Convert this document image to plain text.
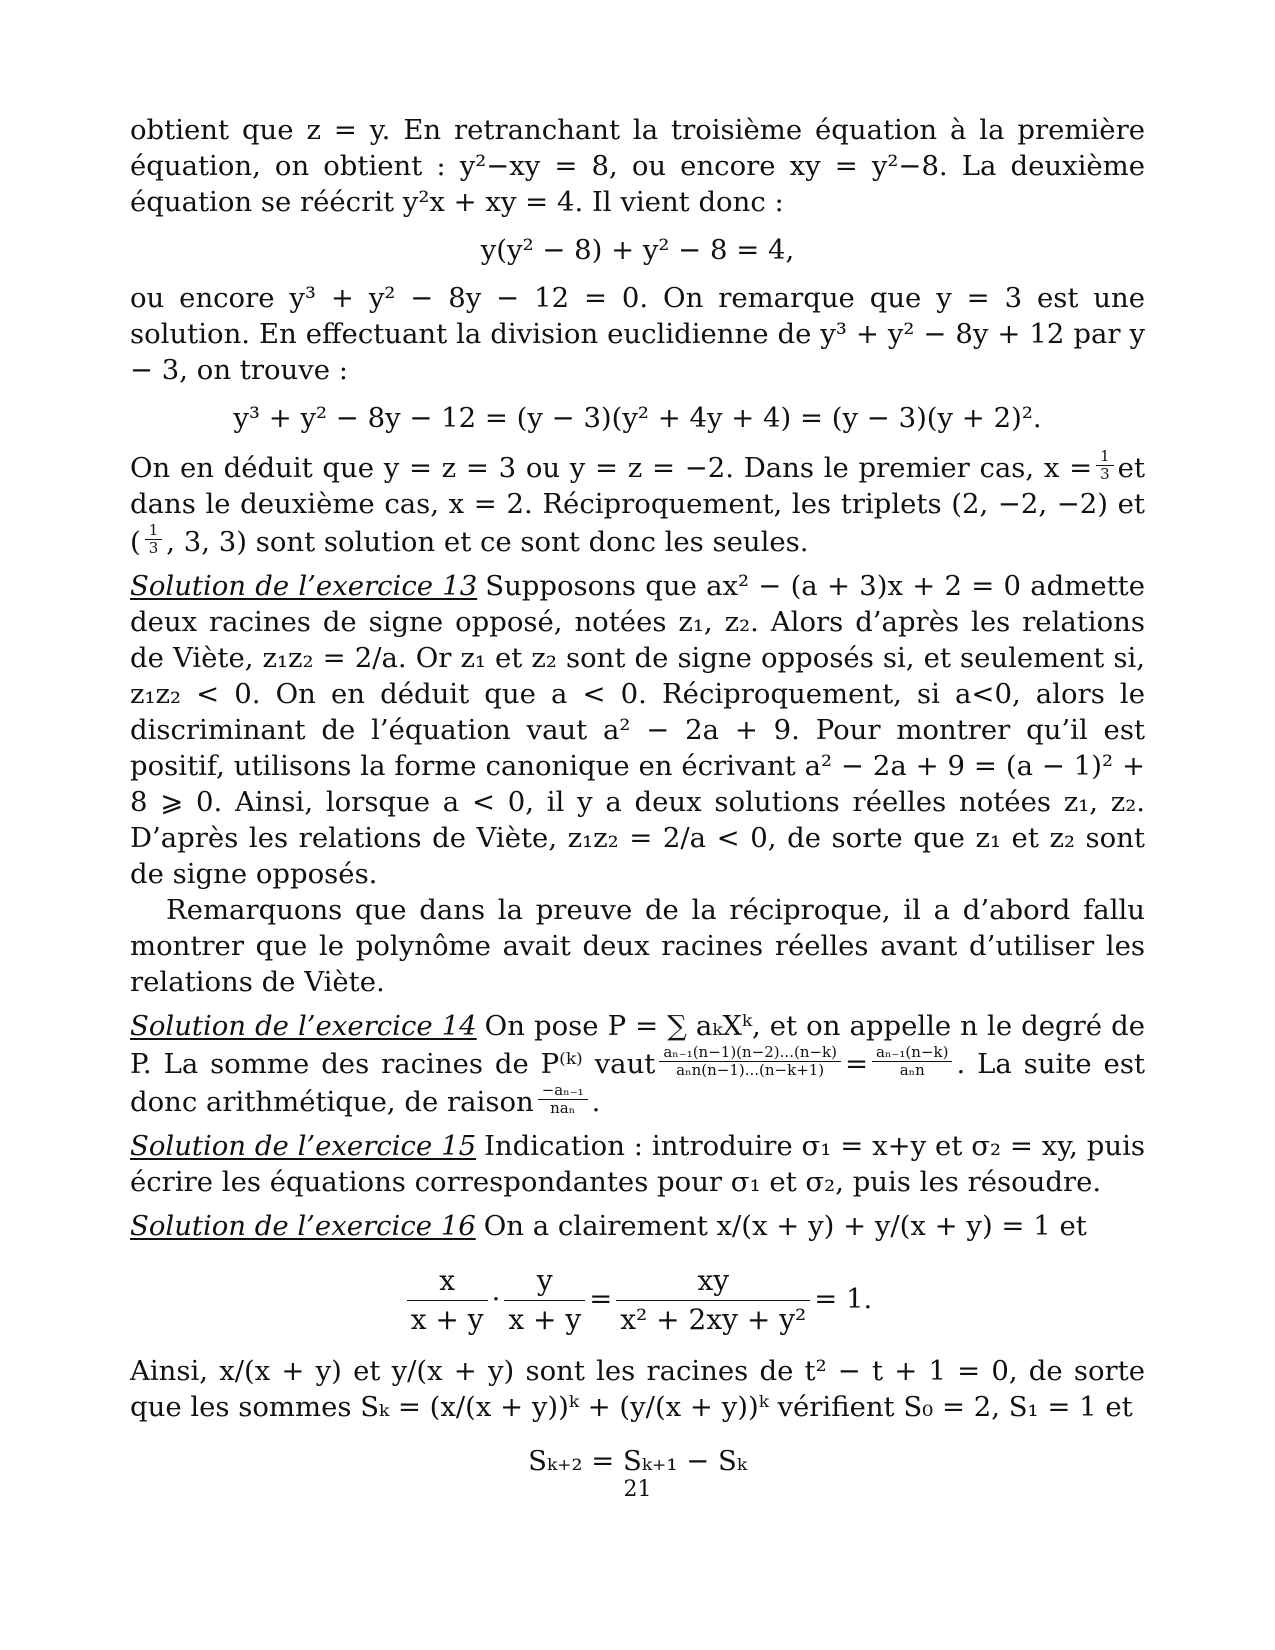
obtient que z = y. En retranchant la troisième équation à la première équation, on obtient : y²−xy = 8, ou encore xy = y²−8. La deuxième équation se réécrit y²x + xy = 4. Il vient donc :

y(y² − 8) + y² − 8 = 4,

ou encore y³ + y² − 8y − 12 = 0. On remarque que y = 3 est une solution. En effectuant la division euclidienne de y³ + y² − 8y + 12 par y − 3, on trouve :

y³ + y² − 8y − 12 = (y − 3)(y² + 4y + 4) = (y − 3)(y + 2)².

On en déduit que y = z = 3 ou y = z = −2. Dans le premier cas, $x = \frac{1}{3}$ et dans le deuxième cas, x = 2. Réciproquement, les triplets (2, −2, −2) et ( $\frac{1}{3}$ , 3, 3) sont solution et ce sont donc les seules.

Solution de l’exercice 13 Supposons que ax² − (a + 3)x + 2 = 0 admette deux racines de signe opposé, notées z₁, z₂. Alors d’après les relations de Viète, z₁z₂ = 2/a. Or z₁ et z₂ sont de signe opposés si, et seulement si, z₁z₂ < 0. On en déduit que a < 0. Réciproquement, si a<0, alors le discriminant de l’équation vaut a² − 2a + 9. Pour montrer qu’il est positif, utilisons la forme canonique en écrivant a² − 2a + 9 = (a − 1)² + 8 ⩾ 0. Ainsi, lorsque a < 0, il y a deux solutions réelles notées z₁, z₂. D’après les relations de Viète, z₁z₂ = 2/a < 0, de sorte que z₁ et z₂ sont de signe opposés.

Remarquons que dans la preuve de la réciproque, il a d’abord fallu montrer que le polynôme avait deux racines réelles avant d’utiliser les relations de Viète.

Solution de l’exercice 14 On pose P = ∑ aₖXᵏ, et on appelle n le degré de P. La somme des racines de P⁽ᵏ⁾ vaut $\frac{\text{aₙ₋₁(n−1)(n−2)...(n−k)}}{\text{aₙn(n−1)...(n−k+1)}} = \frac{\text{aₙ₋₁(n−k)}}{\text{aₙn}}$ . La suite est donc arithmétique, de raison $\frac{\text{−aₙ₋₁}}{\text{naₙ}}$ .

Solution de l’exercice 15 Indication : introduire σ₁ = x+y et σ₂ = xy, puis écrire les équations correspondantes pour σ₁ et σ₂, puis les résoudre.

Solution de l’exercice 16 On a clairement x/(x + y) + y/(x + y) = 1 et

$\frac{x}{x + y} \cdot \frac{y}{x + y} = \frac{xy}{\text{x² + 2xy + y²}} = 1$.

Ainsi, x/(x + y) et y/(x + y) sont les racines de t² − t + 1 = 0, de sorte que les sommes Sₖ = (x/(x + y))ᵏ + (y/(x + y))ᵏ vérifient S₀ = 2, S₁ = 1 et

Sₖ₊₂ = Sₖ₊₁ − Sₖ
21
